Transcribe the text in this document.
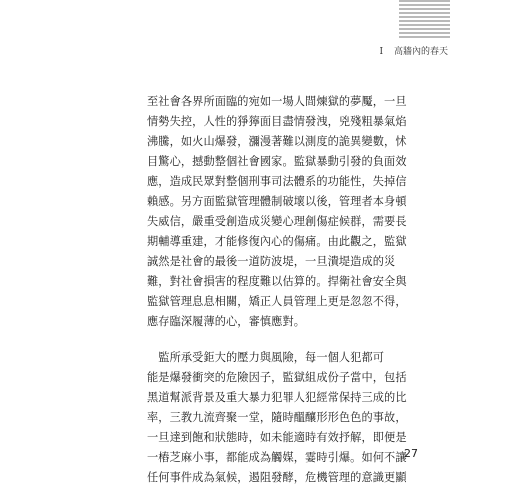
I 高牆內的春天

至社會各界所面臨的宛如一場人間煉獄的夢魘，一旦

情勢失控，人性的猙獰面目盡情發洩，兇殘粗暴氣焰

沸騰，如火山爆發，瀰漫著難以測度的詭異變數，怵

目驚心，撼動整個社會國家。監獄暴動引發的負面效

應，造成民眾對整個刑事司法體系的功能性，失掉信

賴感。另方面監獄管理體制破壞以後，管理者本身頓

失威信，嚴重受創造成災變心理創傷症候群，需要長

期輔導重建，才能修復內心的傷痛。由此觀之，監獄

誠然是社會的最後一道防波堤，一旦潰堤造成的災

難，對社會損害的程度難以估算的。捍衛社會安全與

監獄管理息息相關，矯正人員管理上更是忽忽不得，

應存臨深履薄的心，審慎應對。

　監所承受鉅大的壓力與風險，每一個人犯都可

能是爆發衝突的危險因子，監獄組成份子當中，包括

黑道幫派背景及重大暴力犯罪人犯經常保持三成的比

率，三教九流齊聚一堂，隨時醞釀形形色色的事故，

一旦達到飽和狀態時，如未能適時有效抒解，即便是

一樁芝麻小事，都能成為觸媒，霎時引爆。如何不讓

任何事件成為氣候，遏阻發酵，危機管理的意識更顯

27
